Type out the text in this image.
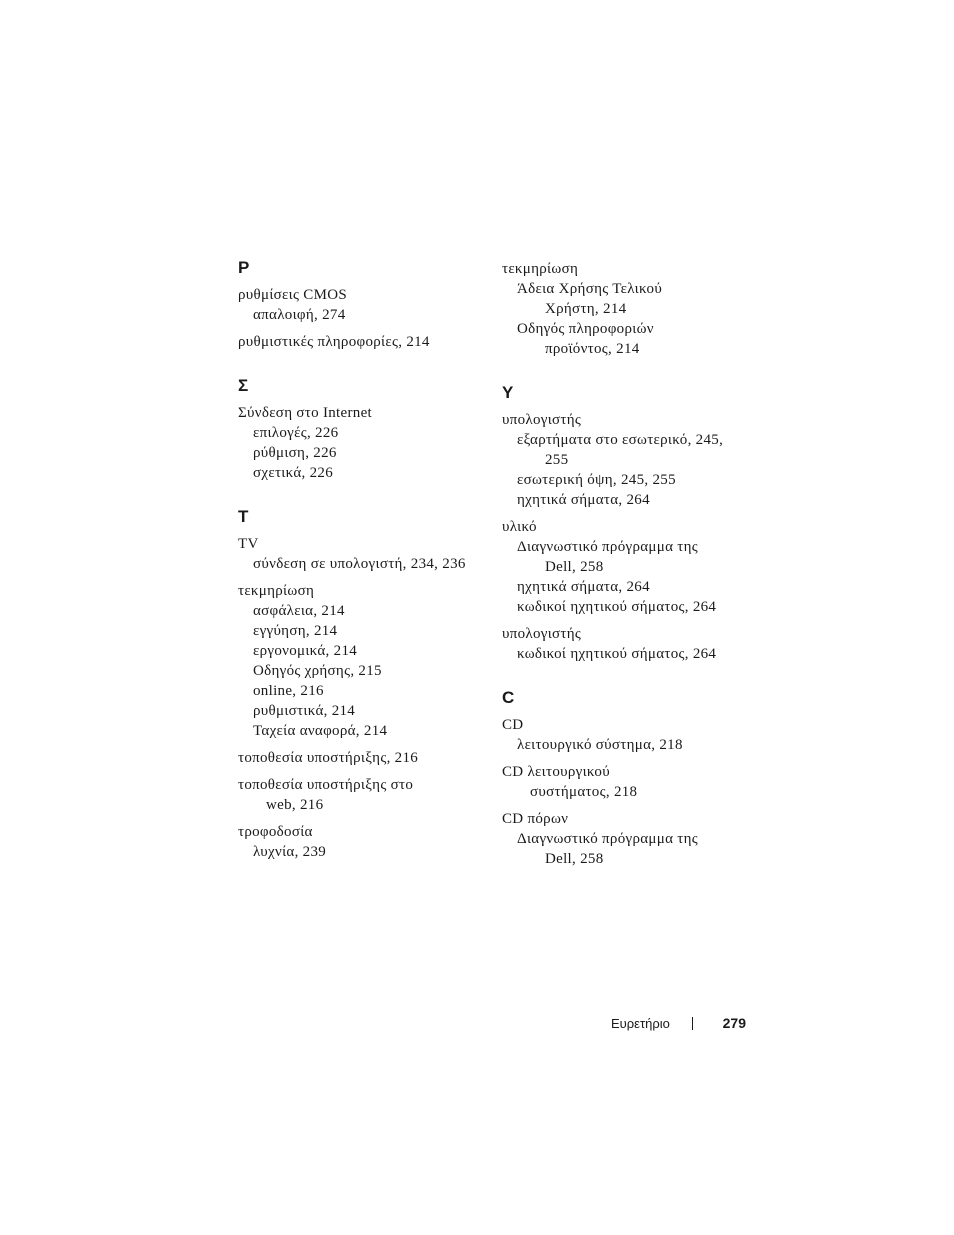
P
ρυθμίσεις CMOS
απαλοιφή, 274
ρυθμιστικές πληροφορίες, 214
Σ
Σύνδεση στο Internet
επιλογές, 226
ρύθμιση, 226
σχετικά, 226
T
TV
σύνδεση σε υπολογιστή, 234, 236
τεκμηρίωση
ασφάλεια, 214
εγγύηση, 214
εργονομικά, 214
Οδηγός χρήσης, 215
online, 216
ρυθμιστικά, 214
Ταχεία αναφορά, 214
τοποθεσία υποστήριξης, 216
τοποθεσία υποστήριξης στο
web, 216
τροφοδοσία
λυχνία, 239
τεκμηρίωση
Άδεια Χρήσης Τελικού
Χρήστη, 214
Οδηγός πληροφοριών
προϊόντος, 214
Y
υπολογιστής
εξαρτήματα στο εσωτερικό, 245,
255
εσωτερική όψη, 245, 255
ηχητικά σήματα, 264
υλικό
Διαγνωστικό πρόγραμμα της
Dell, 258
ηχητικά σήματα, 264
κωδικοί ηχητικού σήματος, 264
υπολογιστής
κωδικοί ηχητικού σήματος, 264
C
CD
λειτουργικό σύστημα, 218
CD λειτουργικού
συστήματος, 218
CD πόρων
Διαγνωστικό πρόγραμμα της
Dell, 258
Ευρετήριο	279
